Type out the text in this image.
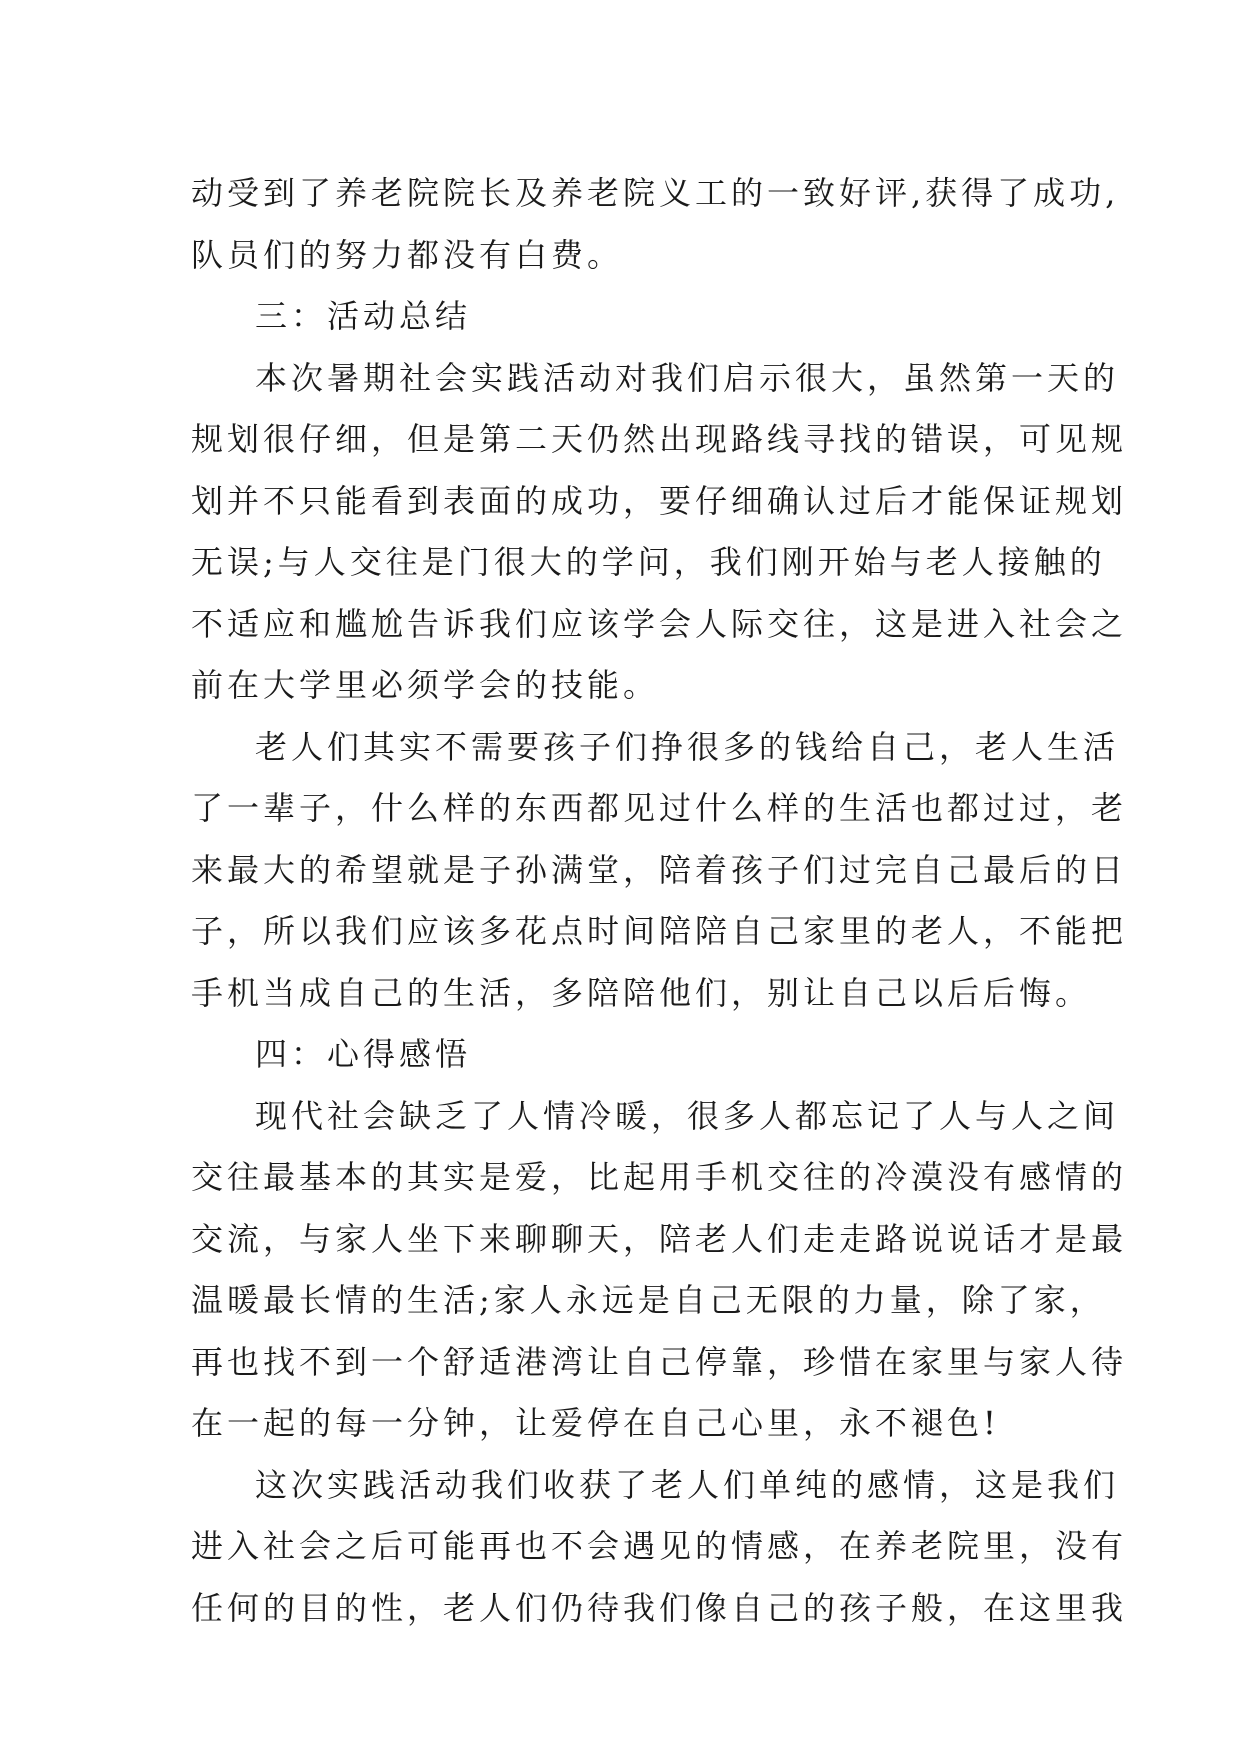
动受到了养老院院长及养老院义工的一致好评,获得了成功,
队员们的努力都没有白费。
三：活动总结
本次暑期社会实践活动对我们启示很大，虽然第一天的
规划很仔细，但是第二天仍然出现路线寻找的错误，可见规
划并不只能看到表面的成功，要仔细确认过后才能保证规划
无误;与人交往是门很大的学问，我们刚开始与老人接触的
不适应和尴尬告诉我们应该学会人际交往，这是进入社会之
前在大学里必须学会的技能。
老人们其实不需要孩子们挣很多的钱给自己，老人生活
了一辈子，什么样的东西都见过什么样的生活也都过过，老
来最大的希望就是子孙满堂，陪着孩子们过完自己最后的日
子，所以我们应该多花点时间陪陪自己家里的老人，不能把
手机当成自己的生活，多陪陪他们，别让自己以后后悔。
四：心得感悟
现代社会缺乏了人情冷暖，很多人都忘记了人与人之间
交往最基本的其实是爱，比起用手机交往的冷漠没有感情的
交流，与家人坐下来聊聊天，陪老人们走走路说说话才是最
温暖最长情的生活;家人永远是自己无限的力量，除了家，
再也找不到一个舒适港湾让自己停靠，珍惜在家里与家人待
在一起的每一分钟，让爱停在自己心里，永不褪色!
这次实践活动我们收获了老人们单纯的感情，这是我们
进入社会之后可能再也不会遇见的情感，在养老院里，没有
任何的目的性，老人们仍待我们像自己的孩子般，在这里我
